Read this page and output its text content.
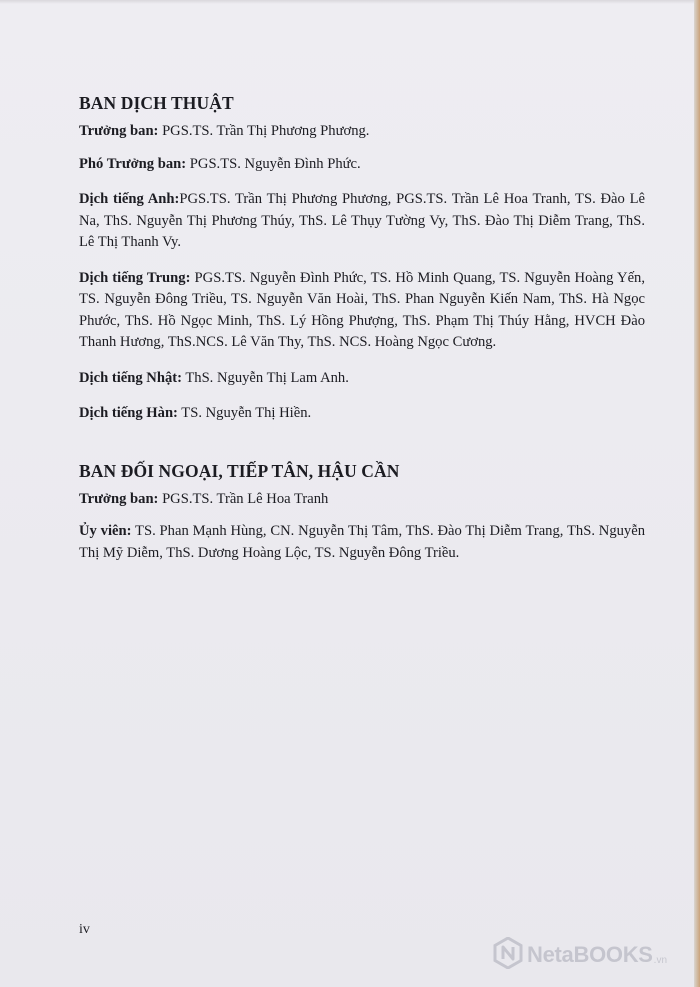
BAN DỊCH THUẬT

Trưởng ban: PGS.TS. Trần Thị Phương Phương.

Phó Trưởng ban: PGS.TS. Nguyễn Đình Phức.

Dịch tiếng Anh:PGS.TS. Trần Thị Phương Phương, PGS.TS. Trần Lê Hoa Tranh, TS. Đào Lê Na, ThS. Nguyễn Thị Phương Thúy, ThS. Lê Thụy Tường Vy, ThS. Đào Thị Diễm Trang, ThS. Lê Thị Thanh Vy.

Dịch tiếng Trung: PGS.TS. Nguyễn Đình Phức, TS. Hồ Minh Quang, TS. Nguyễn Hoàng Yến, TS. Nguyễn Đông Triều, TS. Nguyễn Văn Hoài, ThS. Phan Nguyễn Kiến Nam, ThS. Hà Ngọc Phước, ThS. Hồ Ngọc Minh, ThS. Lý Hồng Phượng, ThS. Phạm Thị Thúy Hằng, HVCH Đào Thanh Hương, ThS.NCS. Lê Văn Thy, ThS. NCS. Hoàng Ngọc Cương.

Dịch tiếng Nhật: ThS. Nguyễn Thị Lam Anh.

Dịch tiếng Hàn: TS. Nguyễn Thị Hiền.

BAN ĐỐI NGOẠI, TIẾP TÂN, HẬU CẦN

Trưởng ban: PGS.TS. Trần Lê Hoa Tranh

Ủy viên: TS. Phan Mạnh Hùng, CN. Nguyễn Thị Tâm, ThS. Đào Thị Diễm Trang, ThS. Nguyễn Thị Mỹ Diễm, ThS. Dương Hoàng Lộc, TS. Nguyễn Đông Triều.

iv
NetaBOOKS .vn
